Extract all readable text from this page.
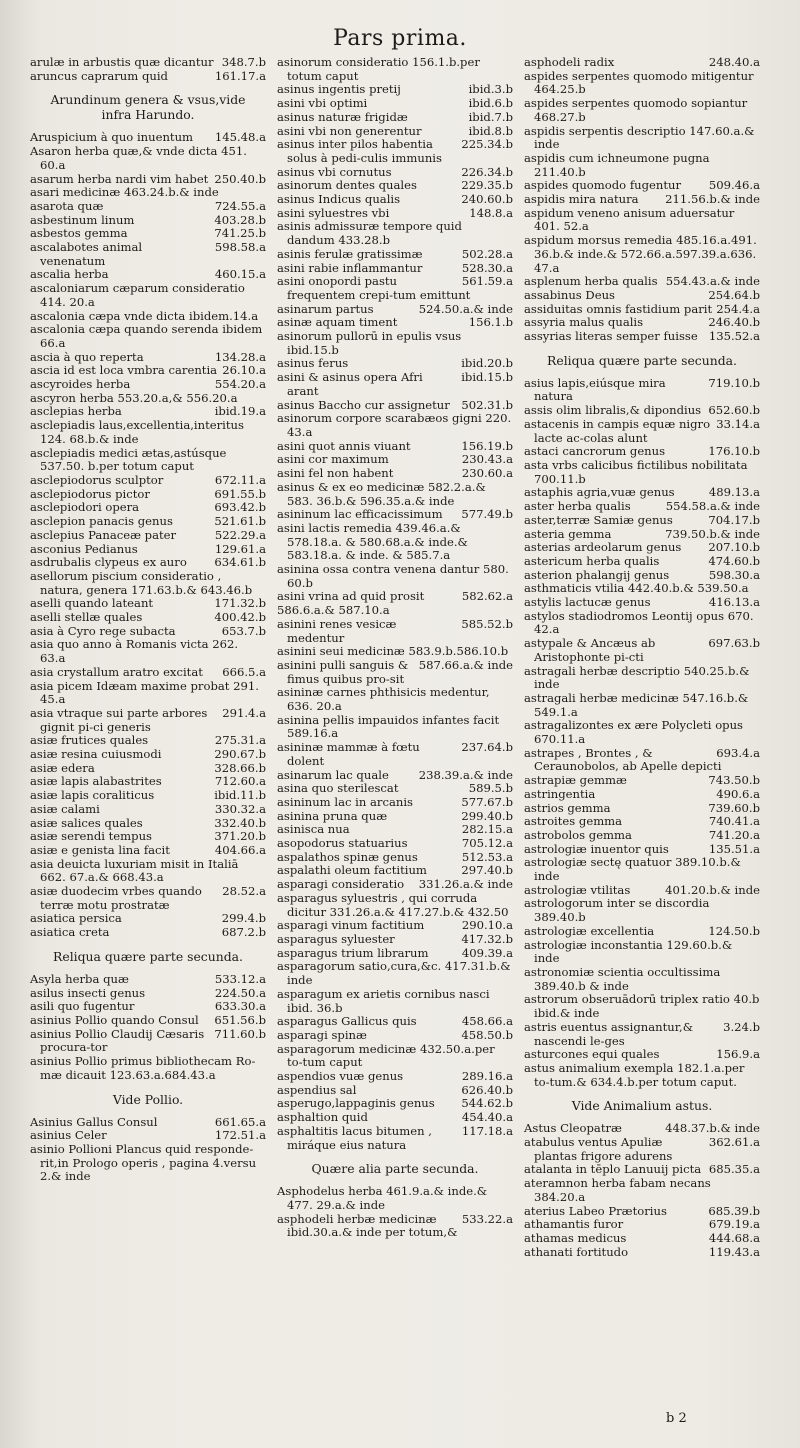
Pars prima.

348.7.b
arulæ in arbustis quæ dicantur

161.17.a
aruncus caprarum quid

Arundinum genera & vsus,vide infra Harundo.

145.48.a
Aruspicium à quo inuentum

Asaron herba quæ,& vnde dicta 451. 60.a

250.40.b
asarum herba nardi vim habet

asari medicinæ 463.24.b.& inde

724.55.a
asarota quæ

403.28.b
asbestinum linum

741.25.b
asbestos gemma

598.58.a
ascalabotes animal venenatum

460.15.a
ascalia herba

ascaloniarum cæparum consideratio 414. 20.a

ascalonia cæpa vnde dicta ibidem.14.a

ascalonia cæpa quando serenda ibidem 66.a

134.28.a
ascia à quo reperta

26.10.a
ascia id est loca vmbra carentia

554.20.a
ascyroides herba

ascyron herba 553.20.a,& 556.20.a

ibid.19.a
asclepias herba

asclepiadis laus,excellentia,interitus 124. 68.b.& inde

asclepiadis medici ætas,astúsque 537.50. b.per totum caput

672.11.a
asclepiodorus sculptor

691.55.b
asclepiodorus pictor

693.42.b
asclepiodori opera

521.61.b
asclepion panacis genus

522.29.a
asclepius Panaceæ pater

129.61.a
asconius Pedianus

634.61.b
asdrubalis clypeus ex auro

asellorum piscium consideratio , natura, genera 171.63.b.& 643.46.b

171.32.b
aselli quando lateant

400.42.b
aselli stellæ quales

653.7.b
asia à Cyro rege subacta

asia quo anno à Romanis victa 262. 63.a

666.5.a
asia crystallum aratro excitat

asia picem Idæam maxime probat 291. 45.a

291.4.a
asia vtraque sui parte arbores gignit pi-ci generis

275.31.a
asiæ frutices quales

290.67.b
asiæ resina cuiusmodi

328.66.b
asiæ edera

712.60.a
asiæ lapis alabastrites

ibid.11.b
asiæ lapis coraliticus

330.32.a
asiæ calami

332.40.b
asiæ salices quales

371.20.b
asiæ serendi tempus

404.66.a
asiæ e genista lina facit

asia deuicta luxuriam misit in Italiā 662. 67.a.& 668.43.a

28.52.a
asiæ duodecim vrbes quando terræ motu prostratæ

299.4.b
asiatica persica

687.2.b
asiatica creta

Reliqua quære parte secunda.

533.12.a
Asyla herba quæ

224.50.a
asilus insecti genus

633.30.a
asili quo fugentur

651.56.b
asinius Pollio quando Consul

711.60.b
asinius Pollio Claudij Cæsaris procura-tor

asinius Pollio primus bibliothecam Ro-mæ dicauit 123.63.a.684.43.a

Vide Pollio.

661.65.a
Asinius Gallus Consul

172.51.a
asinius Celer

asinio Pollioni Plancus quid responde-rit,in Prologo operis , pagina 4.versu 2.& inde

asinorum consideratio 156.1.b.per totum caput

ibid.3.b
asinus ingentis pretij

ibid.6.b
asini vbi optimi

ibid.7.b
asinus naturæ frigidæ

ibid.8.b
asini vbi non generentur

225.34.b
asinus inter pilos habentia solus à pedi-culis immunis

226.34.b
asinus vbi cornutus

229.35.b
asinorum dentes quales

240.60.b
asinus Indicus qualis

148.8.a
asini syluestres vbi

asinis admissuræ tempore quid dandum 433.28.b

502.28.a
asinis ferulæ gratissimæ

528.30.a
asini rabie inflammantur

561.59.a
asini onopordi pastu frequentem crepi-tum emittunt

524.50.a.& inde
asinarum partus

156.1.b
asinæ aquam timent

asinorum pullorū in epulis vsus ibid.15.b

ibid.20.b
asinus ferus

ibid.15.b
asini & asinus opera Afri arant

502.31.b
asinus Baccho cur assignetur

asinorum corpore scarabæos gigni 220. 43.a

156.19.b
asini quot annis viuant

230.43.a
asini cor maximum

230.60.a
asini fel non habent

asinus & ex eo medicinæ 582.2.a.& 583. 36.b.& 596.35.a.& inde

577.49.b
asininum lac efficacissimum

asini lactis remedia 439.46.a.& 578.18.a. & 580.68.a.& inde.& 583.18.a. & inde. & 585.7.a

asinina ossa contra venena dantur 580. 60.b

582.62.a
asini vrina ad quid prosit

586.6.a.& 587.10.a

585.52.b
asinini renes vesicæ medentur

asinini seui medicinæ 583.9.b.586.10.b

587.66.a.& inde
asinini pulli sanguis & fimus quibus pro-sit

asininæ carnes phthisicis medentur, 636. 20.a

asinina pellis impauidos infantes facit 589.16.a

237.64.b
asininæ mammæ à fœtu dolent

238.39.a.& inde
asinarum lac quale

589.5.b
asina quo sterilescat

577.67.b
asininum lac in arcanis

299.40.b
asinina pruna quæ

282.15.a
asinisca nua

705.12.a
asopodorus statuarius

512.53.a
aspalathos spinæ genus

297.40.b
aspalathi oleum factitium

331.26.a.& inde
asparagi consideratio

asparagus syluestris , qui corruda dicitur 331.26.a.& 417.27.b.& 432.50

290.10.a
asparagi vinum factitium

417.32.b
asparagus syluester

409.39.a
asparagus trium librarum

asparagorum satio,cura,&c. 417.31.b.& inde

asparagum ex arietis cornibus nasci ibid. 36.b

458.66.a
asparagus Gallicus quis

458.50.b
asparagi spinæ

asparagorum medicinæ 432.50.a.per to-tum caput

289.16.a
aspendios vuæ genus

626.40.b
aspendius sal

544.62.b
asperugo,lappaginis genus

454.40.a
asphaltion quid

117.18.a
asphaltitis lacus bitumen , miráque eius natura

Quære alia parte secunda.

Asphodelus herba 461.9.a.& inde.& 477. 29.a.& inde

533.22.a
asphodeli herbæ medicinæ ibid.30.a.& inde per totum,&

248.40.a
asphodeli radix

aspides serpentes quomodo mitigentur 464.25.b

aspides serpentes quomodo sopiantur 468.27.b

aspidis serpentis descriptio 147.60.a.& inde

aspidis cum ichneumone pugna 211.40.b

509.46.a
aspides quomodo fugentur

211.56.b.& inde
aspidis mira natura

aspidum veneno anisum aduersatur 401. 52.a

aspidum morsus remedia 485.16.a.491. 36.b.& inde.& 572.66.a.597.39.a.636. 47.a

554.43.a.& inde
asplenum herba qualis

254.64.b
assabinus Deus

254.4.a
assiduitas omnis fastidium parit

246.40.b
assyria malus qualis

135.52.a
assyrias literas semper fuisse

Reliqua quære parte secunda.

719.10.b
asius lapis,eiúsque mira natura

652.60.b
assis olim libralis,& dipondius

33.14.a
astacenis in campis equæ nigro lacte ac-colas alunt

176.10.b
astaci cancrorum genus

asta vrbs calicibus fictilibus nobilitata 700.11.b

489.13.a
astaphis agria,vuæ genus

554.58.a.& inde
aster herba qualis

704.17.b
aster,terræ Samiæ genus

739.50.b.& inde
asteria gemma

207.10.b
asterias ardeolarum genus

474.60.b
astericum herba qualis

598.30.a
asterion phalangij genus

asthmaticis vtilia 442.40.b.& 539.50.a

416.13.a
astylis lactucæ genus

astylos stadiodromos Leontij opus 670. 42.a

697.63.b
astypale & Ancæus ab Aristophonte pi-cti

astragali herbæ descriptio 540.25.b.& inde

astragali herbæ medicinæ 547.16.b.& 549.1.a

astragalizontes ex ære Polycleti opus 670.11.a

693.4.a
astrapes , Brontes , & Ceraunobolos, ab Apelle depicti

743.50.b
astrapiæ gemmæ

490.6.a
astringentia

739.60.b
astrios gemma

740.41.a
astroites gemma

741.20.a
astrobolos gemma

135.51.a
astrologiæ inuentor quis

astrologiæ sectę quatuor 389.10.b.& inde

401.20.b.& inde
astrologiæ vtilitas

astrologorum inter se discordia 389.40.b

124.50.b
astrologiæ excellentia

astrologiæ inconstantia 129.60.b.& inde

astronomiæ scientia occultissima 389.40.b & inde

astrorum obseruādorū triplex ratio 40.b ibid.& inde

3.24.b
astris euentus assignantur,& nascendi le-ges

156.9.a
asturcones equi quales

astus animalium exempla 182.1.a.per to-tum.& 634.4.b.per totum caput.

Vide Animalium astus.

448.37.b.& inde
Astus Cleopatræ

362.61.a
atabulus ventus Apuliæ plantas frigore adurens

685.35.a
atalanta in tēplo Lanuuij picta

ateramnon herba fabam necans 384.20.a

685.39.b
aterius Labeo Prætorius

679.19.a
athamantis furor

444.68.a
athamas medicus

119.43.a
athanati fortitudo

b 2
